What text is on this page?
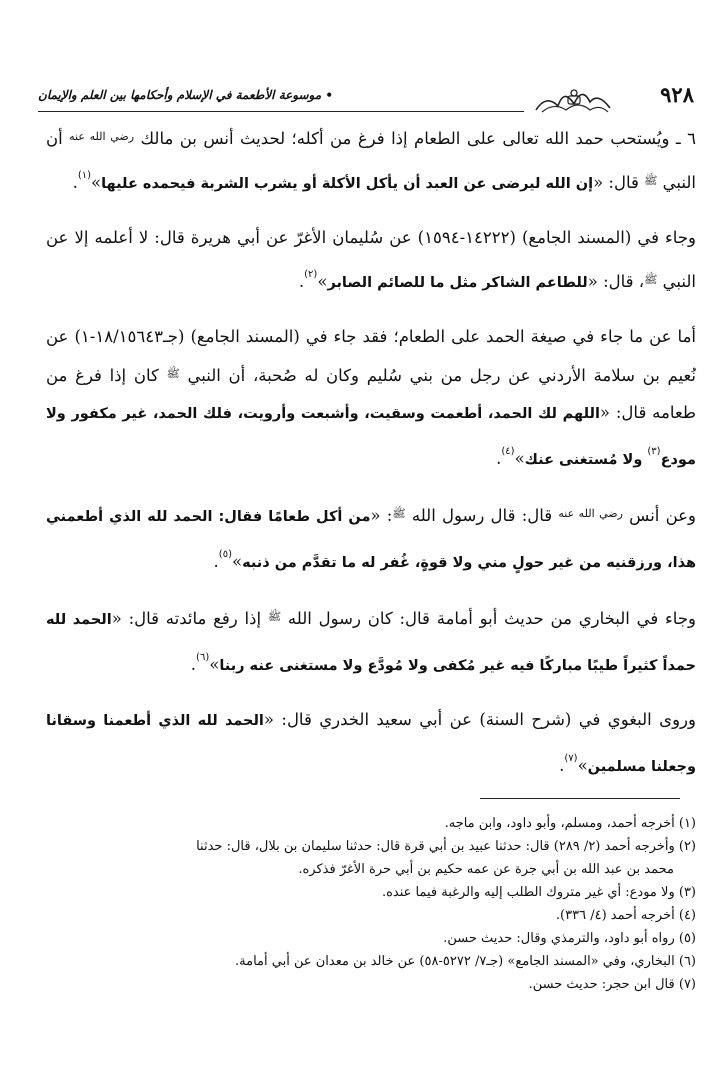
٩٢٨
• موسوعة الأطعمة في الإسلام وأحكامها بين العلم والإيمان

٦ ـ ويُستحب حمد الله تعالى على الطعام إذا فرغ من أكله؛ لحديث أنس بن مالك $^{رضي الله عنه}$ أن النبي $^ﷺ$ قال: «إن الله ليرضى عن العبد أن يأكل الأكلة أو يشرب الشربة فيحمده عليها»$^{(١)}$.

وجاء في (المسند الجامع) (١٤٢٢٢-١٥٩٤) عن سُليمان الأغرّ عن أبي هريرة قال: لا أعلمه إلا عن النبي $^ﷺ$، قال: «للطاعم الشاكر مثل ما للصائم الصابر»$^{(٢)}$.

أما عن ما جاء في صيغة الحمد على الطعام؛ فقد جاء في (المسند الجامع) (جـ١٨/١٥٦٤٣-١) عن نُعيم بن سلامة الأردني عن رجل من بني سُليم وكان له صُحبة، أن النبي $^ﷺ$ كان إذا فرغ من طعامه قال: «اللهم لك الحمد، أطعمت وسقيت، وأشبعت وأرويت، فلك الحمد، غير مكفور ولا مودع$^{(٣)}$ ولا مُستغنى عنك»$^{(٤)}$.

وعن أنس $^{رضي الله عنه}$ قال: قال رسول الله $^ﷺ$: «من أكل طعامًا فقال: الحمد لله الذي أطعمني هذا، ورزقنيه من غير حولٍ مني ولا قوةٍ، غُفر له ما تقدَّم من ذنبه»$^{(٥)}$.

وجاء في البخاري من حديث أبو أمامة قال: كان رسول الله $^ﷺ$ إذا رفع مائدته قال: «الحمد لله حمداً كثيراً طيبًا مباركًا فيه غير مُكفى ولا مُودَّع ولا مستغنى عنه ربنا»$^{(٦)}$.

وروى البغوي في (شرح السنة) عن أبي سعيد الخدري قال: «الحمد لله الذي أطعمنا وسقانا وجعلنا مسلمين»$^{(٧)}$.

(١) أخرجه أحمد، ومسلم، وأبو داود، وابن ماجه.

(٢) وأخرجه أحمد (٢/ ٢٨٩) قال: حدثنا عبيد بن أبي قرة قال: حدثنا سليمان بن بلال، قال: حدثنا

محمد بن عبد الله بن أبي جرة عن عمه حكيم بن أبي حرة الأغرّ فذكره.

(٣) ولا مودع: أي غير متروك الطلب إليه والرغبة فيما عنده.

(٤) أخرجه أحمد (٤/ ٣٣٦).

(٥) رواه أبو داود، والترمذي وقال: حديث حسن.

(٦) البخاري، وفي «المسند الجامع» (جـ٧/ ٥٢٧٢-٥٨) عن خالد بن معدان عن أبي أمامة.

(٧) قال ابن حجر: حديث حسن.
